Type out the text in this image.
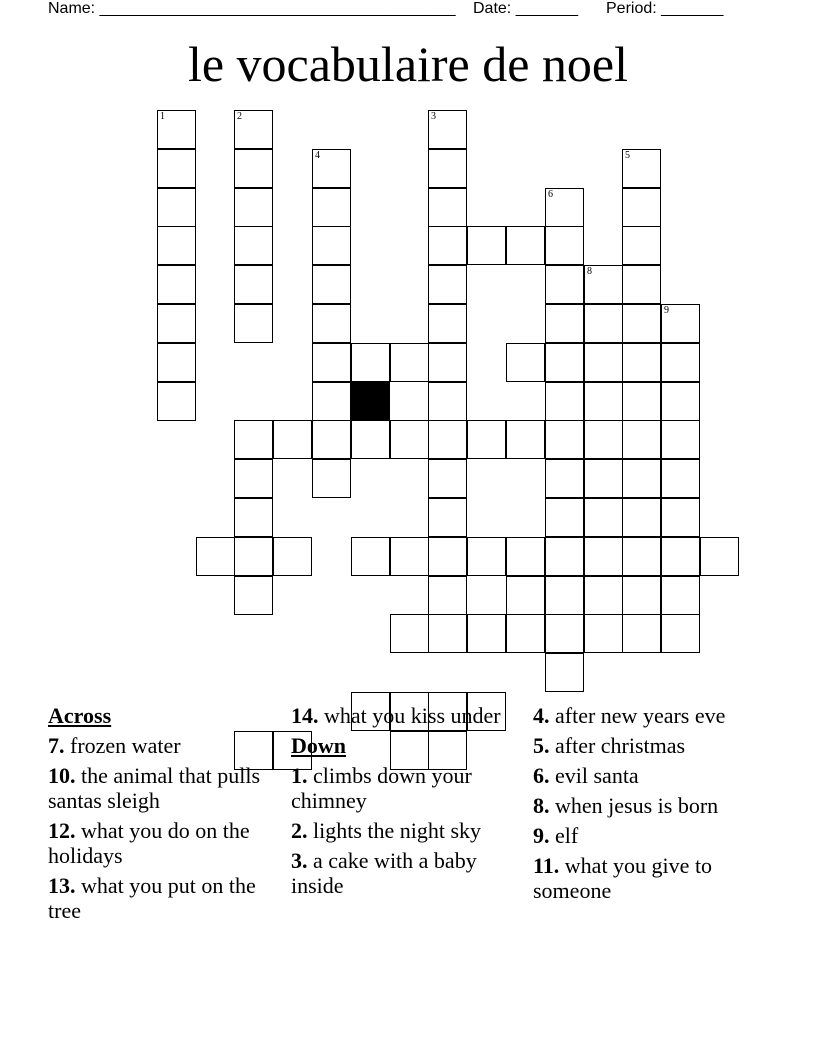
Name: ________________________________________ Date: _______ Period: _______
le vocabulaire de noel
1	2
4
3
6
5
8
9
Across
7. frozen water
10. the animal that pulls santas sleigh
12. what you do on the holidays
13. what you put on the tree
14. what you kiss under
Down
1. climbs down your chimney
2. lights the night sky
3. a cake with a baby inside
4. after new years eve
5. after christmas
6. evil santa
8. when jesus is born
9. elf
11. what you give to someone
